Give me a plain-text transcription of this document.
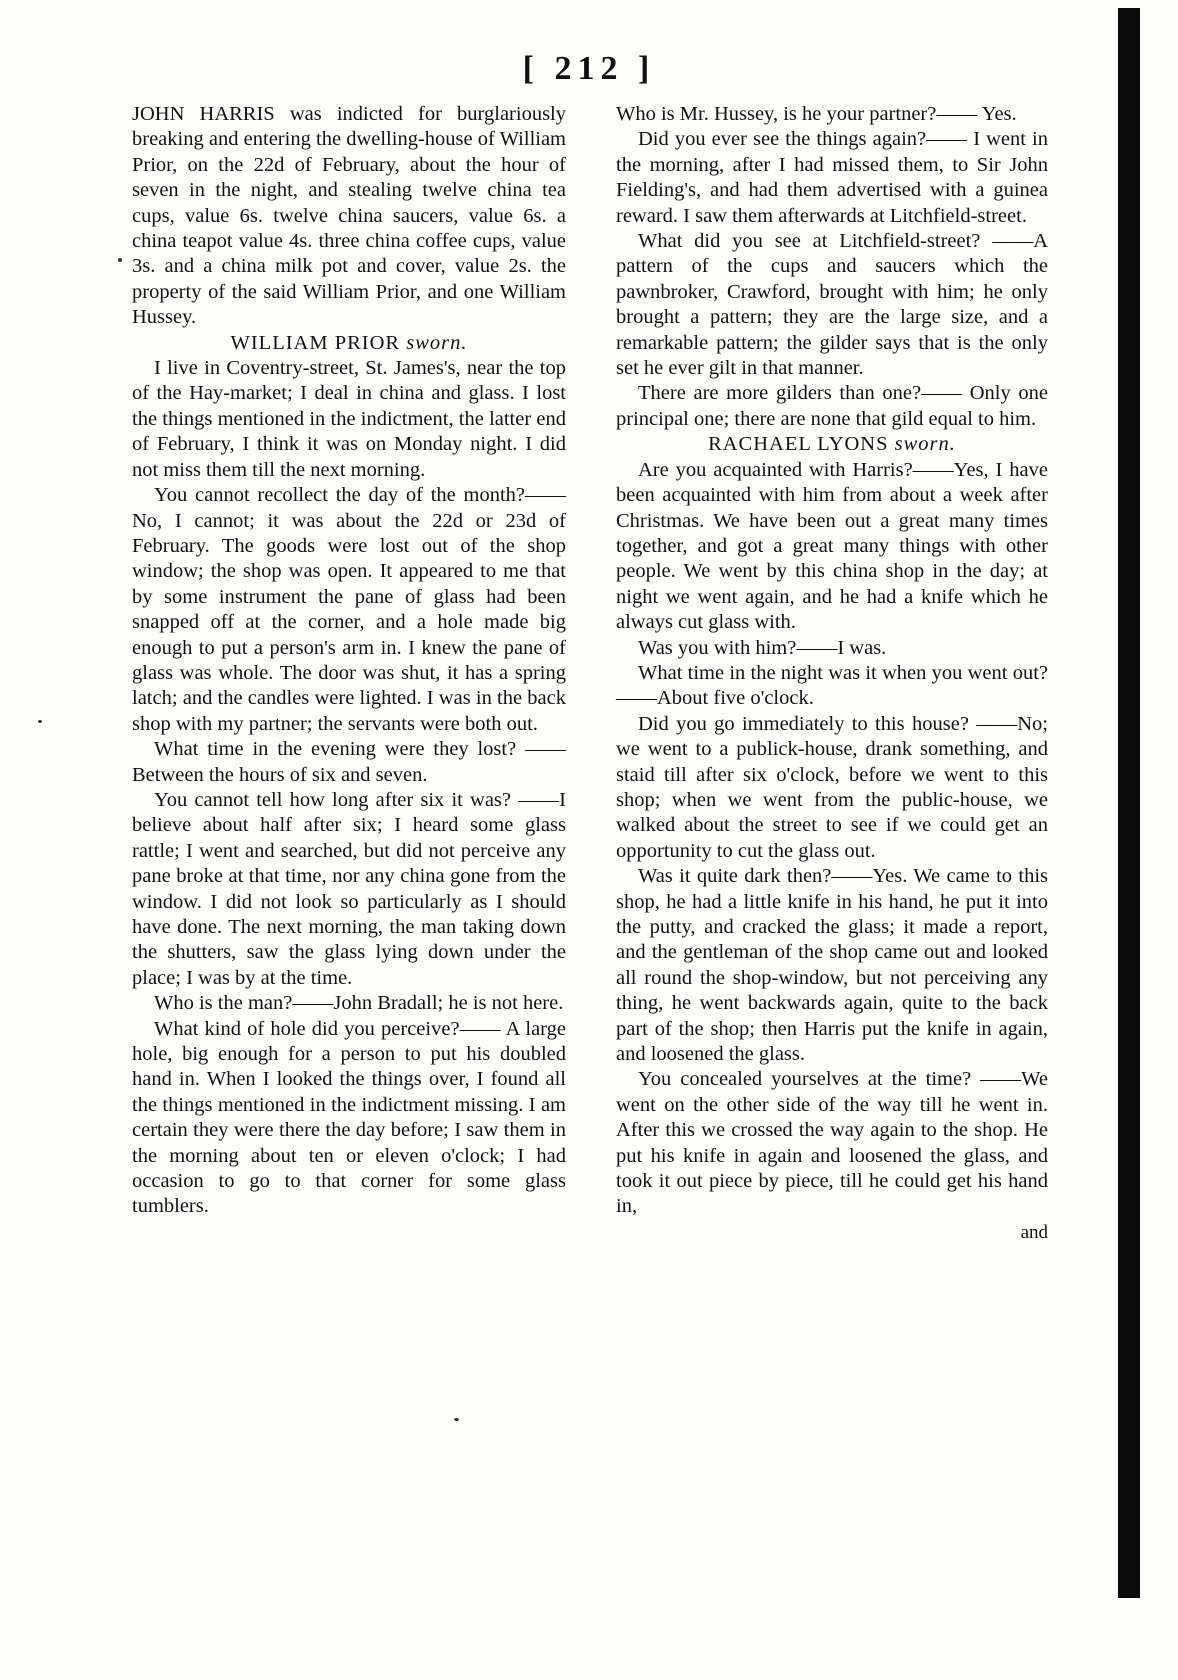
[ 212 ]

JOHN HARRIS was indicted for burglariously breaking and entering the dwelling-house of William Prior, on the 22d of February, about the hour of seven in the night, and stealing twelve china tea cups, value 6s. twelve china saucers, value 6s. a china teapot value 4s. three china coffee cups, value 3s. and a china milk pot and cover, value 2s. the property of the said William Prior, and one William Hussey.

WILLIAM PRIOR sworn.

I live in Coventry-street, St. James's, near the top of the Hay-market; I deal in china and glass. I lost the things mentioned in the indictment, the latter end of February, I think it was on Monday night. I did not miss them till the next morning.

You cannot recollect the day of the month?——No, I cannot; it was about the 22d or 23d of February. The goods were lost out of the shop window; the shop was open. It appeared to me that by some instrument the pane of glass had been snapped off at the corner, and a hole made big enough to put a person's arm in. I knew the pane of glass was whole. The door was shut, it has a spring latch; and the candles were lighted. I was in the back shop with my partner; the servants were both out.

What time in the evening were they lost? ——Between the hours of six and seven.

You cannot tell how long after six it was? ——I believe about half after six; I heard some glass rattle; I went and searched, but did not perceive any pane broke at that time, nor any china gone from the window. I did not look so particularly as I should have done. The next morning, the man taking down the shutters, saw the glass lying down under the place; I was by at the time.

Who is the man?——John Bradall; he is not here.

What kind of hole did you perceive?—— A large hole, big enough for a person to put his doubled hand in. When I looked the things over, I found all the things mentioned in the indictment missing. I am certain they were there the day before; I saw them in the morning about ten or eleven o'clock; I had occasion to go to that corner for some glass tumblers.

Who is Mr. Hussey, is he your partner?—— Yes.

Did you ever see the things again?—— I went in the morning, after I had missed them, to Sir John Fielding's, and had them advertised with a guinea reward. I saw them afterwards at Litchfield-street.

What did you see at Litchfield-street? ——A pattern of the cups and saucers which the pawnbroker, Crawford, brought with him; he only brought a pattern; they are the large size, and a remarkable pattern; the gilder says that is the only set he ever gilt in that manner.

There are more gilders than one?—— Only one principal one; there are none that gild equal to him.

RACHAEL LYONS sworn.

Are you acquainted with Harris?——Yes, I have been acquainted with him from about a week after Christmas. We have been out a great many times together, and got a great many things with other people. We went by this china shop in the day; at night we went again, and he had a knife which he always cut glass with.

Was you with him?——I was.

What time in the night was it when you went out?——About five o'clock.

Did you go immediately to this house? ——No; we went to a publick-house, drank something, and staid till after six o'clock, before we went to this shop; when we went from the public-house, we walked about the street to see if we could get an opportunity to cut the glass out.

Was it quite dark then?——Yes. We came to this shop, he had a little knife in his hand, he put it into the putty, and cracked the glass; it made a report, and the gentleman of the shop came out and looked all round the shop-window, but not perceiving any thing, he went backwards again, quite to the back part of the shop; then Harris put the knife in again, and loosened the glass.

You concealed yourselves at the time? ——We went on the other side of the way till he went in. After this we crossed the way again to the shop. He put his knife in again and loosened the glass, and took it out piece by piece, till he could get his hand in,

and
